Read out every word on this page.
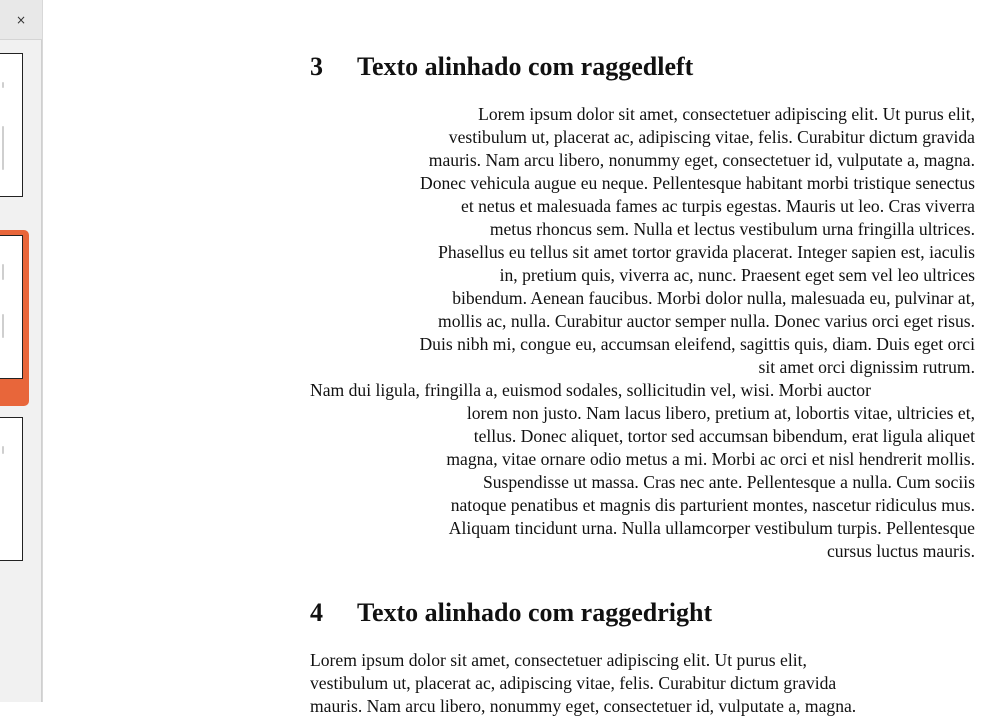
×
3	Texto alinhado com raggedleft
Lorem ipsum dolor sit amet, consectetuer adipiscing elit. Ut purus elit,
vestibulum ut, placerat ac, adipiscing vitae, felis. Curabitur dictum gravida
mauris. Nam arcu libero, nonummy eget, consectetuer id, vulputate a, magna.
Donec vehicula augue eu neque. Pellentesque habitant morbi tristique senectus
et netus et malesuada fames ac turpis egestas. Mauris ut leo. Cras viverra
metus rhoncus sem. Nulla et lectus vestibulum urna fringilla ultrices.
Phasellus eu tellus sit amet tortor gravida placerat. Integer sapien est, iaculis
in, pretium quis, viverra ac, nunc. Praesent eget sem vel leo ultrices
bibendum. Aenean faucibus. Morbi dolor nulla, malesuada eu, pulvinar at,
mollis ac, nulla. Curabitur auctor semper nulla. Donec varius orci eget risus.
Duis nibh mi, congue eu, accumsan eleifend, sagittis quis, diam. Duis eget orci
sit amet orci dignissim rutrum.
Nam dui ligula, fringilla a, euismod sodales, sollicitudin vel, wisi. Morbi auctor
lorem non justo. Nam lacus libero, pretium at, lobortis vitae, ultricies et,
tellus. Donec aliquet, tortor sed accumsan bibendum, erat ligula aliquet
magna, vitae ornare odio metus a mi. Morbi ac orci et nisl hendrerit mollis.
Suspendisse ut massa. Cras nec ante. Pellentesque a nulla. Cum sociis
natoque penatibus et magnis dis parturient montes, nascetur ridiculus mus.
Aliquam tincidunt urna. Nulla ullamcorper vestibulum turpis. Pellentesque
cursus luctus mauris.
4	Texto alinhado com raggedright
Lorem ipsum dolor sit amet, consectetuer adipiscing elit. Ut purus elit,
vestibulum ut, placerat ac, adipiscing vitae, felis. Curabitur dictum gravida
mauris. Nam arcu libero, nonummy eget, consectetuer id, vulputate a, magna.
